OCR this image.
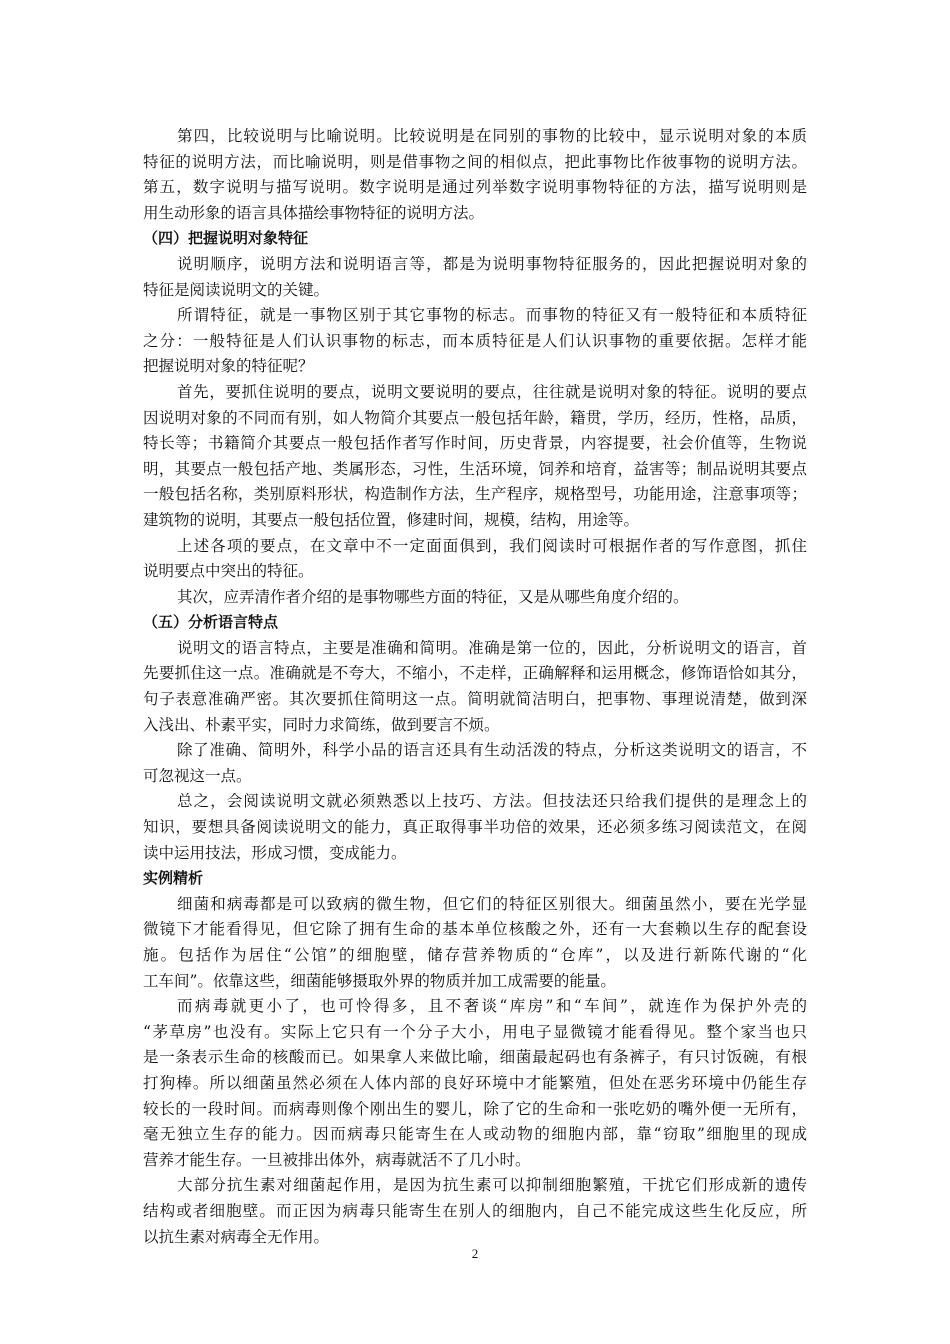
第四，比较说明与比喻说明。比较说明是在同别的事物的比较中，显示说明对象的本质
特征的说明方法，而比喻说明，则是借事物之间的相似点，把此事物比作彼事物的说明方法。
第五，数字说明与描写说明。数字说明是通过列举数字说明事物特征的方法，描写说明则是
用生动形象的语言具体描绘事物特征的说明方法。
（四）把握说明对象特征
说明顺序，说明方法和说明语言等，都是为说明事物特征服务的，因此把握说明对象的
特征是阅读说明文的关键。
所谓特征，就是一事物区别于其它事物的标志。而事物的特征又有一般特征和本质特征
之分：一般特征是人们认识事物的标志，而本质特征是人们认识事物的重要依据。怎样才能
把握说明对象的特征呢？
首先，要抓住说明的要点，说明文要说明的要点，往往就是说明对象的特征。说明的要点
因说明对象的不同而有别，如人物简介其要点一般包括年龄，籍贯，学历，经历，性格，品质，
特长等；书籍简介其要点一般包括作者写作时间，历史背景，内容提要，社会价值等，生物说
明，其要点一般包括产地、类属形态，习性，生活环境，饲养和培育，益害等；制品说明其要点
一般包括名称，类别原料形状，构造制作方法，生产程序，规格型号，功能用途，注意事项等；
建筑物的说明，其要点一般包括位置，修建时间，规模，结构，用途等。
上述各项的要点，在文章中不一定面面俱到，我们阅读时可根据作者的写作意图，抓住
说明要点中突出的特征。
其次，应弄清作者介绍的是事物哪些方面的特征，又是从哪些角度介绍的。
（五）分析语言特点
说明文的语言特点，主要是准确和简明。准确是第一位的，因此，分析说明文的语言，首
先要抓住这一点。准确就是不夸大，不缩小，不走样，正确解释和运用概念，修饰语恰如其分，
句子表意准确严密。其次要抓住简明这一点。简明就简洁明白，把事物、事理说清楚，做到深
入浅出、朴素平实，同时力求简练，做到要言不烦。
除了准确、简明外，科学小品的语言还具有生动活泼的特点，分析这类说明文的语言，不
可忽视这一点。
总之，会阅读说明文就必须熟悉以上技巧、方法。但技法还只给我们提供的是理念上的
知识，要想具备阅读说明文的能力，真正取得事半功倍的效果，还必须多练习阅读范文，在阅
读中运用技法，形成习惯，变成能力。
实例精析
细菌和病毒都是可以致病的微生物，但它们的特征区别很大。细菌虽然小，要在光学显
微镜下才能看得见，但它除了拥有生命的基本单位核酸之外，还有一大套赖以生存的配套设
施。包括作为居住“公馆”的细胞壁，储存营养物质的“仓库”，以及进行新陈代谢的“化
工车间”。依靠这些，细菌能够摄取外界的物质并加工成需要的能量。
而病毒就更小了，也可怜得多，且不奢谈“库房”和“车间”，就连作为保护外壳的
“茅草房”也没有。实际上它只有一个分子大小，用电子显微镜才能看得见。整个家当也只
是一条表示生命的核酸而已。如果拿人来做比喻，细菌最起码也有条裤子，有只讨饭碗，有根
打狗棒。所以细菌虽然必须在人体内部的良好环境中才能繁殖，但处在恶劣环境中仍能生存
较长的一段时间。而病毒则像个刚出生的婴儿，除了它的生命和一张吃奶的嘴外便一无所有，
毫无独立生存的能力。因而病毒只能寄生在人或动物的细胞内部，靠“窃取”细胞里的现成
营养才能生存。一旦被排出体外，病毒就活不了几小时。
大部分抗生素对细菌起作用，是因为抗生素可以抑制细胞繁殖，干扰它们形成新的遗传
结构或者细胞壁。而正因为病毒只能寄生在别人的细胞内，自己不能完成这些生化反应，所
以抗生素对病毒全无作用。
2
